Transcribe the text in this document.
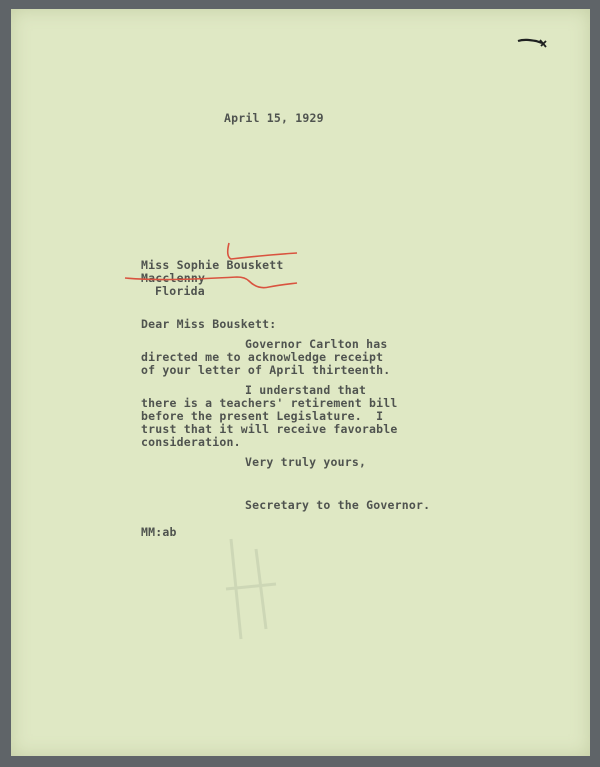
April 15, 1929
Miss Sophie Bouskett
Macclenny
Florida
Dear Miss Bouskett:
Governor Carlton has
directed me to acknowledge receipt
of your letter of April thirteenth.
I understand that
there is a teachers' retirement bill
before the present Legislature.  I
trust that it will receive favorable
consideration.
Very truly yours,
Secretary to the Governor.
MM:ab
